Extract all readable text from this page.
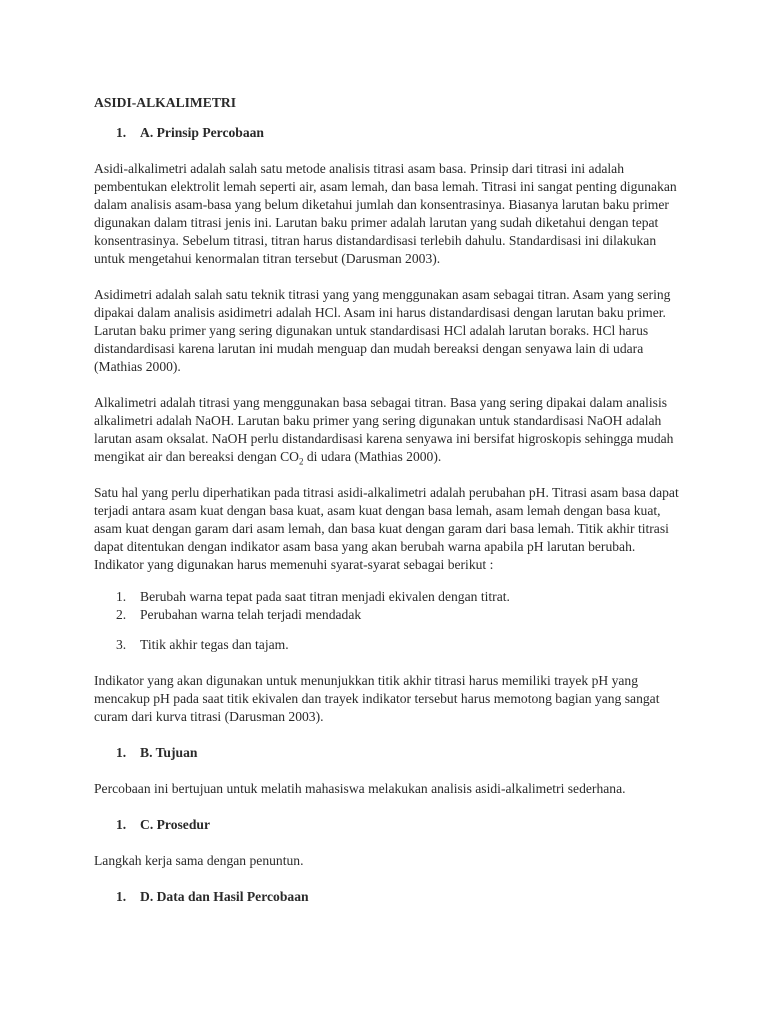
ASIDI-ALKALIMETRI
1.	A. Prinsip Percobaan

Asidi-alkalimetri adalah salah satu metode analisis titrasi asam basa. Prinsip dari titrasi ini adalah pembentukan elektrolit lemah seperti air, asam lemah, dan basa lemah. Titrasi ini sangat penting digunakan dalam analisis asam-basa yang belum diketahui jumlah dan konsentrasinya. Biasanya larutan baku primer digunakan dalam titrasi jenis ini. Larutan baku primer adalah larutan yang sudah diketahui dengan tepat konsentrasinya. Sebelum titrasi, titran harus distandardisasi terlebih dahulu. Standardisasi ini dilakukan untuk mengetahui kenormalan titran tersebut (Darusman 2003).

Asidimetri adalah salah satu teknik titrasi yang yang menggunakan asam sebagai titran. Asam yang sering dipakai dalam analisis asidimetri adalah HCl. Asam ini harus distandardisasi dengan larutan baku primer. Larutan baku primer yang sering digunakan untuk standardisasi HCl adalah larutan boraks. HCl harus distandardisasi karena larutan ini mudah menguap dan mudah bereaksi dengan senyawa lain di udara (Mathias 2000).

Alkalimetri adalah titrasi yang menggunakan basa sebagai titran. Basa yang sering dipakai dalam analisis alkalimetri adalah NaOH. Larutan baku primer yang sering digunakan untuk standardisasi NaOH adalah larutan asam oksalat. NaOH perlu distandardisasi karena senyawa ini bersifat higroskopis sehingga mudah mengikat air dan bereaksi dengan $CO_2$ di udara (Mathias 2000).

Satu hal yang perlu diperhatikan pada titrasi asidi-alkalimetri adalah perubahan pH. Titrasi asam basa dapat terjadi antara asam kuat dengan basa kuat, asam kuat dengan basa lemah, asam lemah dengan basa kuat, asam kuat dengan garam dari asam lemah, dan basa kuat dengan garam dari basa lemah. Titik akhir titrasi dapat ditentukan dengan indikator asam basa yang akan berubah warna apabila pH larutan berubah. Indikator yang digunakan harus memenuhi syarat-syarat sebagai berikut :

1.	Berubah warna tepat pada saat titran menjadi ekivalen dengan titrat.
2.	Perubahan warna telah terjadi mendadak
3.	Titik akhir tegas dan tajam.

Indikator yang akan digunakan untuk menunjukkan titik akhir titrasi harus memiliki trayek pH yang mencakup pH pada saat titik ekivalen dan trayek indikator tersebut harus memotong bagian yang sangat curam dari kurva titrasi (Darusman 2003).

1.	B. Tujuan

Percobaan ini bertujuan untuk melatih mahasiswa melakukan analisis asidi-alkalimetri sederhana.

1.	C. Prosedur

Langkah kerja sama dengan penuntun.

1.	D. Data dan Hasil Percobaan
